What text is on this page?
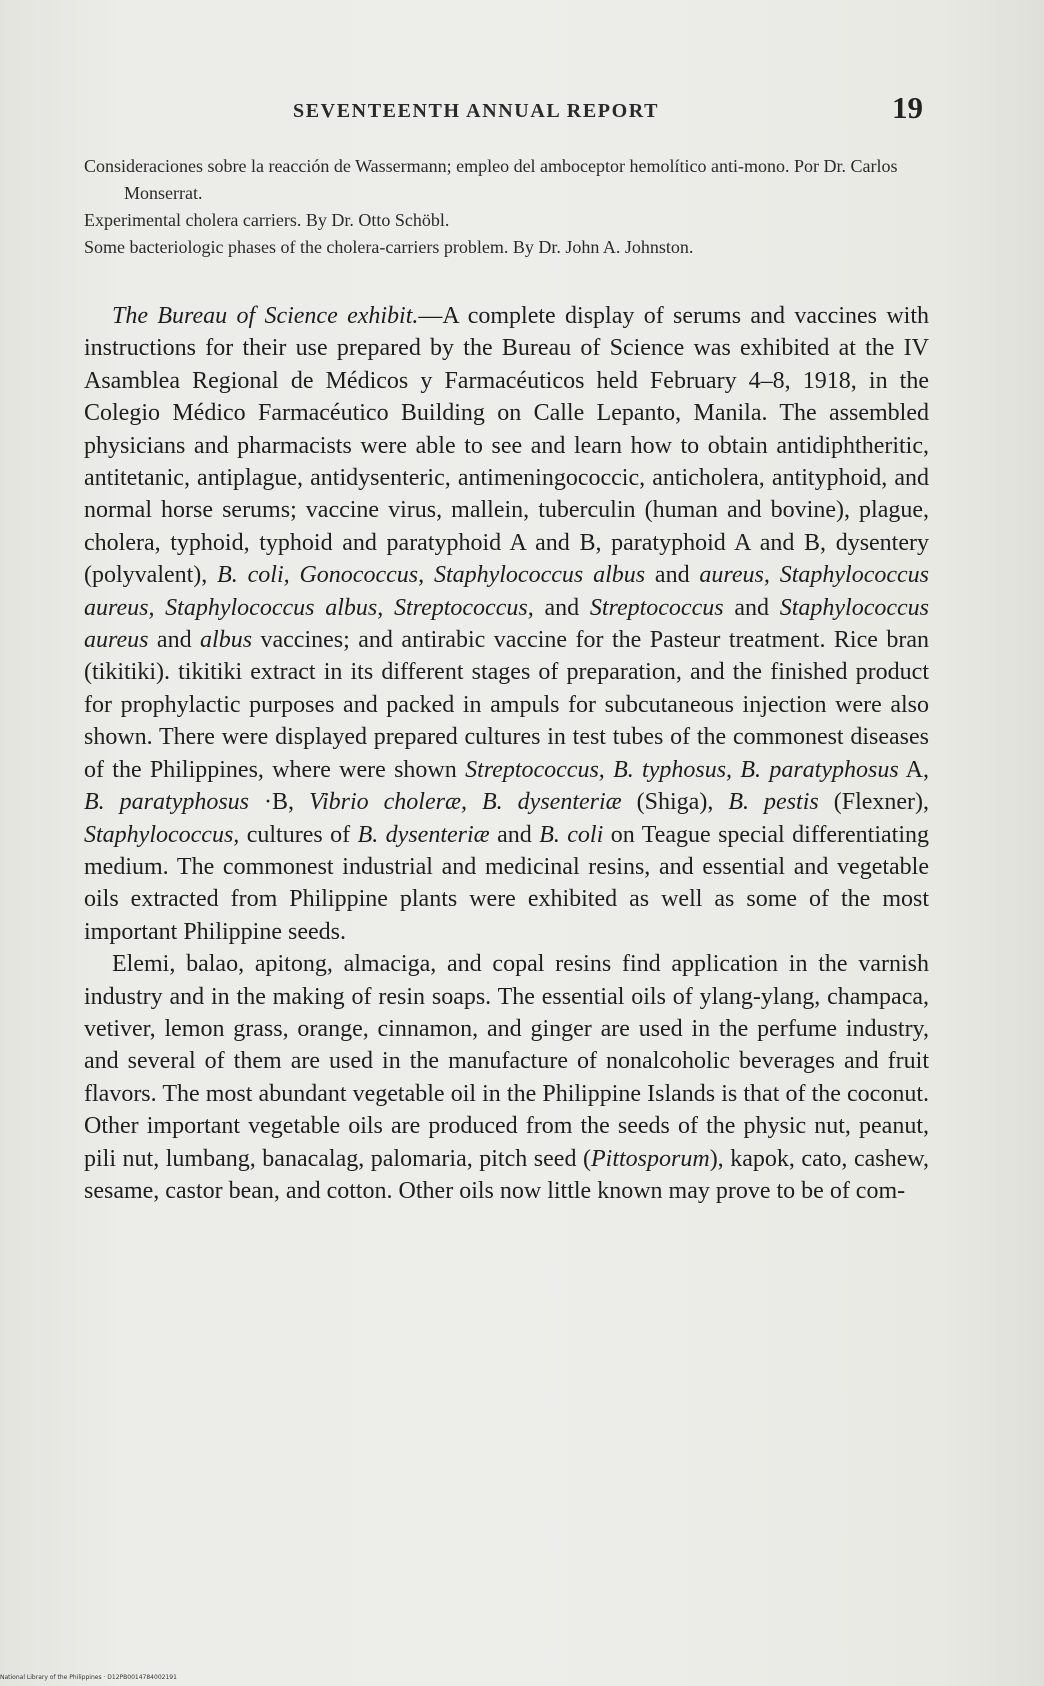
SEVENTEENTH ANNUAL REPORT	19

Consideraciones sobre la reacción de Wassermann; empleo del amboceptor hemolítico anti-mono. Por Dr. Carlos Monserrat.

Experimental cholera carriers. By Dr. Otto Schöbl.

Some bacteriologic phases of the cholera-carriers problem. By Dr. John A. Johnston.

The Bureau of Science exhibit.—A complete display of serums and vaccines with instructions for their use prepared by the Bureau of Science was exhibited at the IV Asamblea Regional de Médicos y Farmacéuticos held February 4–8, 1918, in the Colegio Médico Farmacéutico Building on Calle Lepanto, Manila. The assembled physicians and pharmacists were able to see and learn how to obtain antidiphtheritic, antitetanic, antiplague, antidysenteric, antimeningococcic, anticholera, antityphoid, and normal horse serums; vaccine virus, mallein, tuberculin (human and bovine), plague, cholera, typhoid, typhoid and paratyphoid A and B, paratyphoid A and B, dysentery (polyvalent), B. coli, Gonococcus, Staphylococcus albus and aureus, Staphylococcus aureus, Staphylococcus albus, Streptococcus, and Streptococcus and Staphylococcus aureus and albus vaccines; and antirabic vaccine for the Pasteur treatment. Rice bran (tikitiki). tikitiki extract in its different stages of preparation, and the finished product for prophylactic purposes and packed in ampuls for subcutaneous injection were also shown. There were displayed prepared cultures in test tubes of the commonest diseases of the Philippines, where were shown Streptococcus, B. typhosus, B. paratyphosus A, B. paratyphosus ·B, Vibrio choleræ, B. dysenteriæ (Shiga), B. pestis (Flexner), Staphylococcus, cultures of B. dysenteriæ and B. coli on Teague special differentiating medium. The commonest industrial and medicinal resins, and essential and vegetable oils extracted from Philippine plants were exhibited as well as some of the most important Philippine seeds.

Elemi, balao, apitong, almaciga, and copal resins find application in the varnish industry and in the making of resin soaps. The essential oils of ylang-ylang, champaca, vetiver, lemon grass, orange, cinnamon, and ginger are used in the perfume industry, and several of them are used in the manufacture of nonalcoholic beverages and fruit flavors. The most abundant vegetable oil in the Philippine Islands is that of the coconut. Other important vegetable oils are produced from the seeds of the physic nut, peanut, pili nut, lumbang, banacalag, palomaria, pitch seed (Pittosporum), kapok, cato, cashew, sesame, castor bean, and cotton. Other oils now little known may prove to be of com-

National Library of the Philippines · D12PB0014784002191
